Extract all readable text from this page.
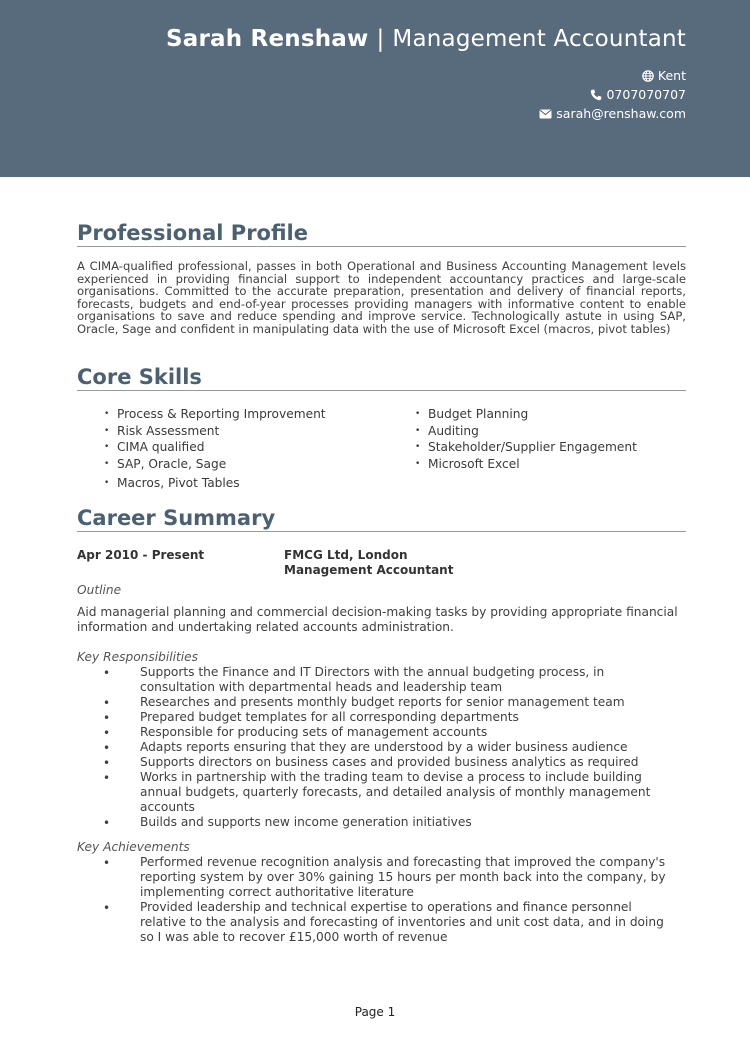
Sarah Renshaw | Management Accountant
Kent
0707070707
sarah@renshaw.com
Professional Profile

A CIMA-qualified professional, passes in both Operational and Business Accounting Management levels experienced in providing financial support to independent accountancy practices and large-scale organisations. Committed to the accurate preparation, presentation and delivery of financial reports, forecasts, budgets and end-of-year processes providing managers with informative content to enable organisations to save and reduce spending and improve service. Technologically astute in using SAP, Oracle, Sage and confident in manipulating data with the use of Microsoft Excel (macros, pivot tables)

Core Skills
• Process & Reporting Improvement
• Risk Assessment
• CIMA qualified
• SAP, Oracle, Sage
• Macros, Pivot Tables
• Budget Planning
• Auditing
• Stakeholder/Supplier Engagement
• Microsoft Excel
Career Summary
Apr 2010 - Present	FMCG Ltd, London
Management Accountant
Outline
Aid managerial planning and commercial decision-making tasks by providing appropriate financial information and undertaking related accounts administration.
Key Responsibilities
• Supports the Finance and IT Directors with the annual budgeting process, in consultation with departmental heads and leadership team
• Researches and presents monthly budget reports for senior management team
• Prepared budget templates for all corresponding departments
• Responsible for producing sets of management accounts
• Adapts reports ensuring that they are understood by a wider business audience
• Supports directors on business cases and provided business analytics as required
• Works in partnership with the trading team to devise a process to include building annual budgets, quarterly forecasts, and detailed analysis of monthly management accounts
• Builds and supports new income generation initiatives
Key Achievements
• Performed revenue recognition analysis and forecasting that improved the company's reporting system by over 30% gaining 15 hours per month back into the company, by implementing correct authoritative literature
• Provided leadership and technical expertise to operations and finance personnel relative to the analysis and forecasting of inventories and unit cost data, and in doing so I was able to recover £15,000 worth of revenue
Page 1
